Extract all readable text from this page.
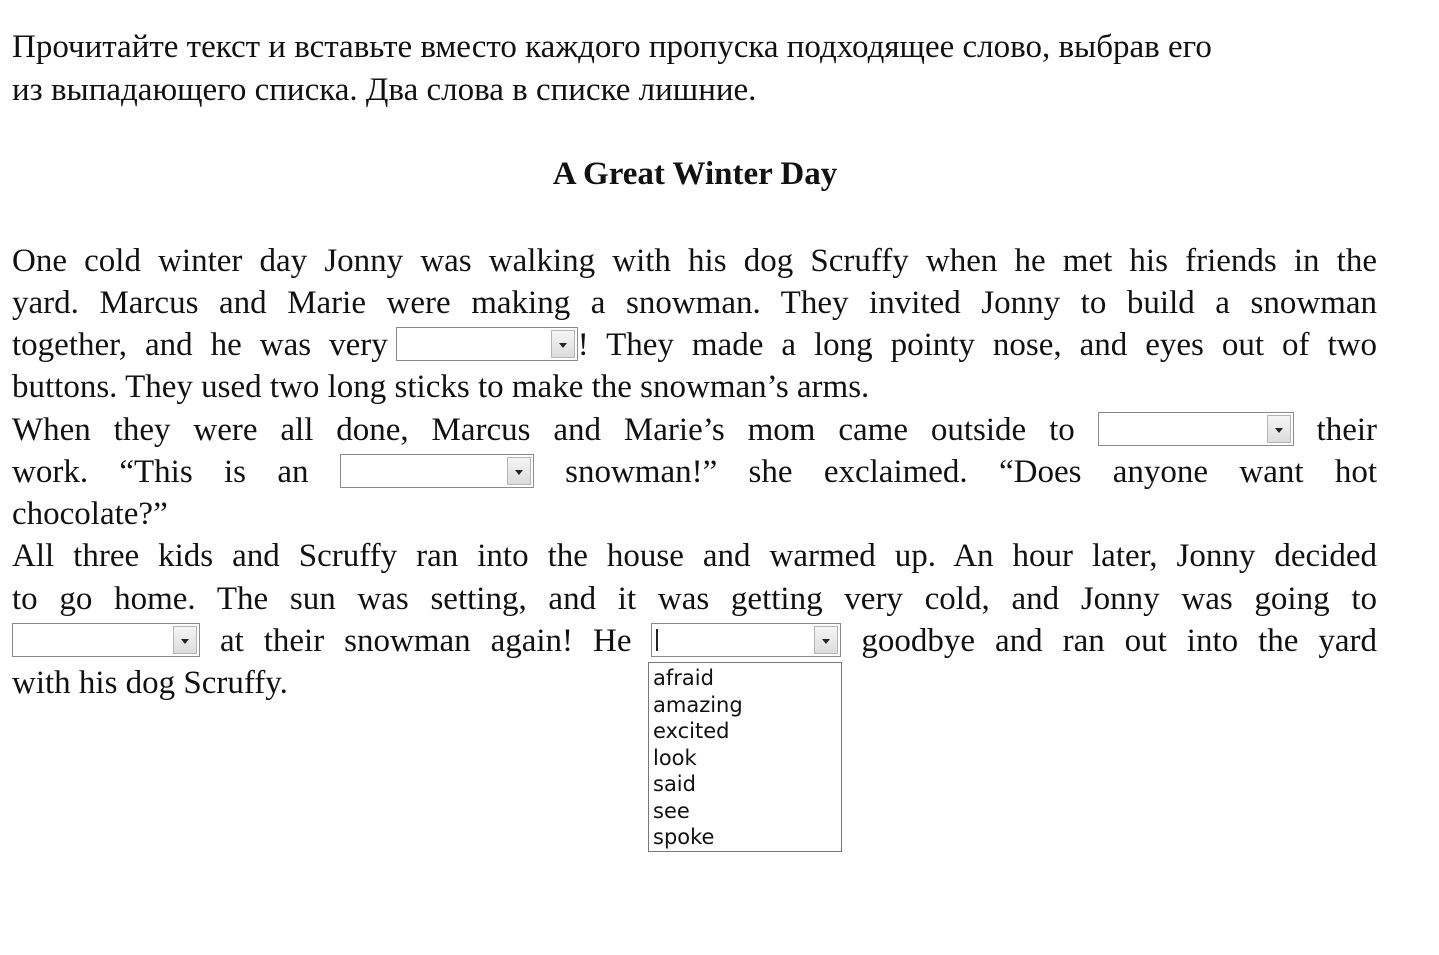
Прочитайте текст и вставьте вместо каждого пропуска подходящее слово, выбрав его
из выпадающего списка. Два слова в списке лишние.
A Great Winter Day
One cold winter day Jonny was walking with his dog Scruffy when he met his friends in the
yard. Marcus and Marie were making a snowman. They invited Jonny to build a snowman
together, and he was very	! They made a long pointy nose, and eyes out of two
buttons. They used two long sticks to make the snowman’s arms.
When they were all done, Marcus and Marie’s mom came outside to	their
work. “This is an	snowman!” she exclaimed. “Does anyone want hot
chocolate?”
All three kids and Scruffy ran into the house and warmed up. An hour later, Jonny decided
to go home. The sun was setting, and it was getting very cold, and Jonny was going to
at their snowman again! He	goodbye and ran out into the yard
with his dog Scruffy.	afraid
amazing
excited
look
said
see
spoke
